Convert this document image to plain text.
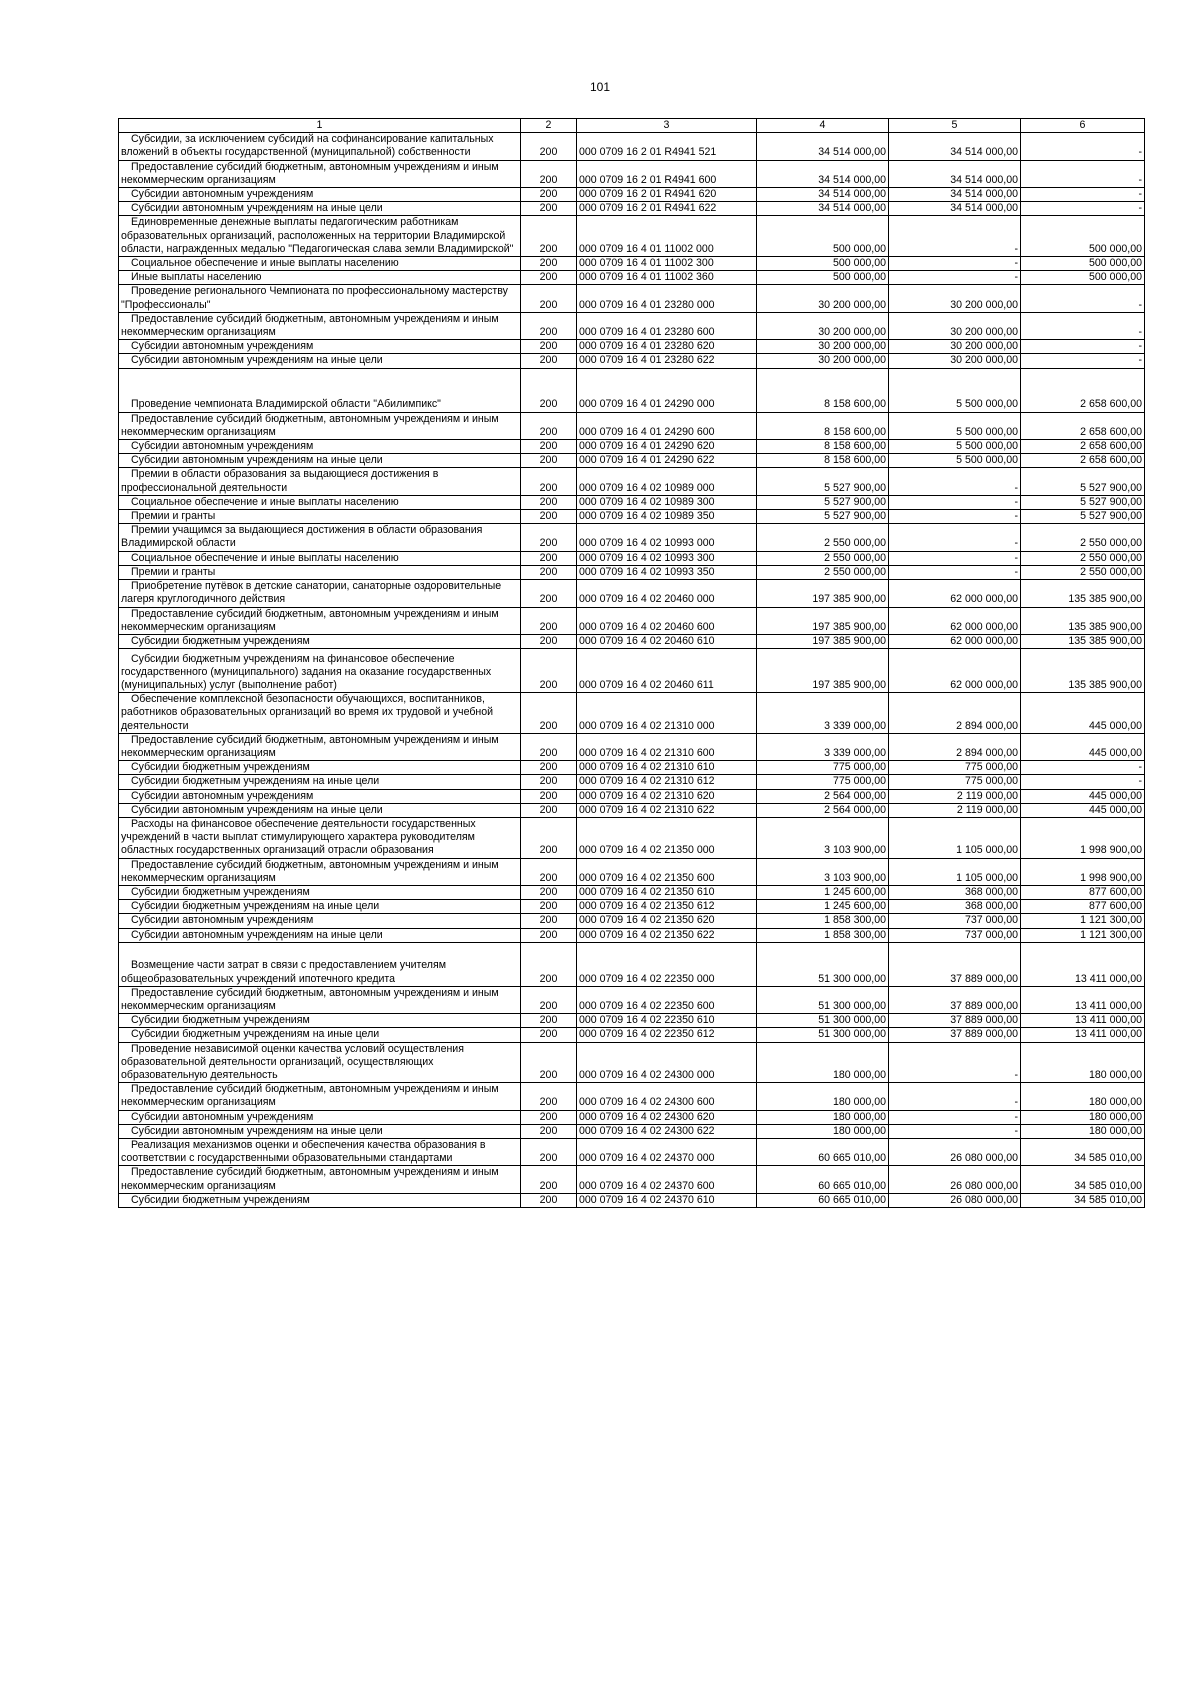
101
1	2	3	4	5	6
Субсидии, за исключением субсидий на софинансирование капитальных вложений в объекты государственной (муниципальной) собственности	200	000 0709 16 2 01 R4941 521	34 514 000,00	34 514 000,00	-
Предоставление субсидий бюджетным, автономным учреждениям и иным некоммерческим организациям	200	000 0709 16 2 01 R4941 600	34 514 000,00	34 514 000,00	-
Субсидии автономным учреждениям	200	000 0709 16 2 01 R4941 620	34 514 000,00	34 514 000,00	-
Субсидии автономным учреждениям на иные цели	200	000 0709 16 2 01 R4941 622	34 514 000,00	34 514 000,00	-
Единовременные денежные выплаты педагогическим работникам образовательных организаций, расположенных на территории Владимирской области, награжденных медалью "Педагогическая слава земли Владимирской"	200	000 0709 16 4 01 11002 000	500 000,00	-	500 000,00
Социальное обеспечение и иные выплаты населению	200	000 0709 16 4 01 11002 300	500 000,00	-	500 000,00
Иные выплаты населению	200	000 0709 16 4 01 11002 360	500 000,00	-	500 000,00
Проведение регионального Чемпионата по профессиональному мастерству "Профессионалы"	200	000 0709 16 4 01 23280 000	30 200 000,00	30 200 000,00	-
Предоставление субсидий бюджетным, автономным учреждениям и иным некоммерческим организациям	200	000 0709 16 4 01 23280 600	30 200 000,00	30 200 000,00	-
Субсидии автономным учреждениям	200	000 0709 16 4 01 23280 620	30 200 000,00	30 200 000,00	-
Субсидии автономным учреждениям на иные цели	200	000 0709 16 4 01 23280 622	30 200 000,00	30 200 000,00	-
Проведение чемпионата Владимирской области "Абилимпикс"	200	000 0709 16 4 01 24290 000	8 158 600,00	5 500 000,00	2 658 600,00
Предоставление субсидий бюджетным, автономным учреждениям и иным некоммерческим организациям	200	000 0709 16 4 01 24290 600	8 158 600,00	5 500 000,00	2 658 600,00
Субсидии автономным учреждениям	200	000 0709 16 4 01 24290 620	8 158 600,00	5 500 000,00	2 658 600,00
Субсидии автономным учреждениям на иные цели	200	000 0709 16 4 01 24290 622	8 158 600,00	5 500 000,00	2 658 600,00
Премии в области образования за выдающиеся достижения в профессиональной деятельности	200	000 0709 16 4 02 10989 000	5 527 900,00	-	5 527 900,00
Социальное обеспечение и иные выплаты населению	200	000 0709 16 4 02 10989 300	5 527 900,00	-	5 527 900,00
Премии и гранты	200	000 0709 16 4 02 10989 350	5 527 900,00	-	5 527 900,00
Премии учащимся за выдающиеся достижения в области образования Владимирской области	200	000 0709 16 4 02 10993 000	2 550 000,00	-	2 550 000,00
Социальное обеспечение и иные выплаты населению	200	000 0709 16 4 02 10993 300	2 550 000,00	-	2 550 000,00
Премии и гранты	200	000 0709 16 4 02 10993 350	2 550 000,00	-	2 550 000,00
Приобретение путёвок в детские санатории, санаторные оздоровительные лагеря круглогодичного действия	200	000 0709 16 4 02 20460 000	197 385 900,00	62 000 000,00	135 385 900,00
Предоставление субсидий бюджетным, автономным учреждениям и иным некоммерческим организациям	200	000 0709 16 4 02 20460 600	197 385 900,00	62 000 000,00	135 385 900,00
Субсидии бюджетным учреждениям	200	000 0709 16 4 02 20460 610	197 385 900,00	62 000 000,00	135 385 900,00
Субсидии бюджетным учреждениям на финансовое обеспечение государственного (муниципального) задания на оказание государственных (муниципальных) услуг (выполнение работ)	200	000 0709 16 4 02 20460 611	197 385 900,00	62 000 000,00	135 385 900,00
Обеспечение комплексной безопасности обучающихся, воспитанников, работников образовательных организаций во время их трудовой и учебной деятельности	200	000 0709 16 4 02 21310 000	3 339 000,00	2 894 000,00	445 000,00
Предоставление субсидий бюджетным, автономным учреждениям и иным некоммерческим организациям	200	000 0709 16 4 02 21310 600	3 339 000,00	2 894 000,00	445 000,00
Субсидии бюджетным учреждениям	200	000 0709 16 4 02 21310 610	775 000,00	775 000,00	-
Субсидии бюджетным учреждениям на иные цели	200	000 0709 16 4 02 21310 612	775 000,00	775 000,00	-
Субсидии автономным учреждениям	200	000 0709 16 4 02 21310 620	2 564 000,00	2 119 000,00	445 000,00
Субсидии автономным учреждениям на иные цели	200	000 0709 16 4 02 21310 622	2 564 000,00	2 119 000,00	445 000,00
Расходы на финансовое обеспечение деятельности государственных учреждений в части выплат стимулирующего характера руководителям областных государственных организаций отрасли образования	200	000 0709 16 4 02 21350 000	3 103 900,00	1 105 000,00	1 998 900,00
Предоставление субсидий бюджетным, автономным учреждениям и иным некоммерческим организациям	200	000 0709 16 4 02 21350 600	3 103 900,00	1 105 000,00	1 998 900,00
Субсидии бюджетным учреждениям	200	000 0709 16 4 02 21350 610	1 245 600,00	368 000,00	877 600,00
Субсидии бюджетным учреждениям на иные цели	200	000 0709 16 4 02 21350 612	1 245 600,00	368 000,00	877 600,00
Субсидии автономным учреждениям	200	000 0709 16 4 02 21350 620	1 858 300,00	737 000,00	1 121 300,00
Субсидии автономным учреждениям на иные цели	200	000 0709 16 4 02 21350 622	1 858 300,00	737 000,00	1 121 300,00
Возмещение части затрат в связи с предоставлением учителям общеобразовательных учреждений ипотечного кредита	200	000 0709 16 4 02 22350 000	51 300 000,00	37 889 000,00	13 411 000,00
Предоставление субсидий бюджетным, автономным учреждениям и иным некоммерческим организациям	200	000 0709 16 4 02 22350 600	51 300 000,00	37 889 000,00	13 411 000,00
Субсидии бюджетным учреждениям	200	000 0709 16 4 02 22350 610	51 300 000,00	37 889 000,00	13 411 000,00
Субсидии бюджетным учреждениям на иные цели	200	000 0709 16 4 02 22350 612	51 300 000,00	37 889 000,00	13 411 000,00
Проведение независимой оценки качества условий осуществления образовательной деятельности организаций, осуществляющих образовательную деятельность	200	000 0709 16 4 02 24300 000	180 000,00	-	180 000,00
Предоставление субсидий бюджетным, автономным учреждениям и иным некоммерческим организациям	200	000 0709 16 4 02 24300 600	180 000,00	-	180 000,00
Субсидии автономным учреждениям	200	000 0709 16 4 02 24300 620	180 000,00	-	180 000,00
Субсидии автономным учреждениям на иные цели	200	000 0709 16 4 02 24300 622	180 000,00	-	180 000,00
Реализация механизмов оценки и обеспечения качества образования в соответствии с государственными образовательными стандартами	200	000 0709 16 4 02 24370 000	60 665 010,00	26 080 000,00	34 585 010,00
Предоставление субсидий бюджетным, автономным учреждениям и иным некоммерческим организациям	200	000 0709 16 4 02 24370 600	60 665 010,00	26 080 000,00	34 585 010,00
Субсидии бюджетным учреждениям	200	000 0709 16 4 02 24370 610	60 665 010,00	26 080 000,00	34 585 010,00
